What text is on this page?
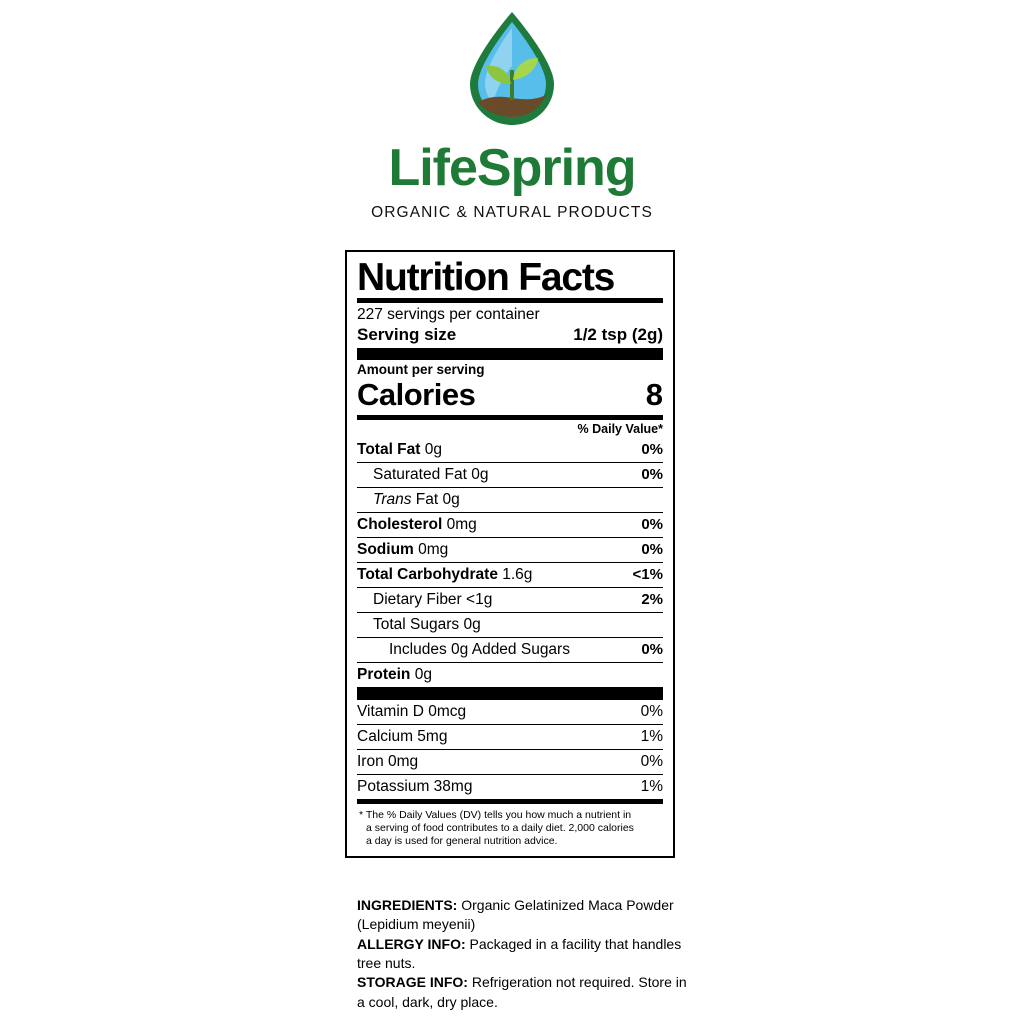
LifeSpring
ORGANIC & NATURAL PRODUCTS
Nutrition Facts
227 servings per container
Serving size	1/2 tsp (2g)
Amount per serving
Calories	8
% Daily Value*
Total Fat 0g	0%
Saturated Fat 0g	0%
Trans Fat 0g
Cholesterol 0mg	0%
Sodium 0mg	0%
Total Carbohydrate 1.6g	<1%
Dietary Fiber <1g	2%
Total Sugars 0g
Includes 0g Added Sugars	0%
Protein 0g
Vitamin D 0mcg	0%
Calcium 5mg	1%
Iron 0mg	0%
Potassium 38mg	1%
* The % Daily Values (DV) tells you how much a nutrient in
a serving of food contributes to a daily diet. 2,000 calories
a day is used for general nutrition advice.

INGREDIENTS: Organic Gelatinized Maca Powder (Lepidium meyenii)

ALLERGY INFO: Packaged in a facility that handles tree nuts.

STORAGE INFO: Refrigeration not required. Store in a cool, dark, dry place.
